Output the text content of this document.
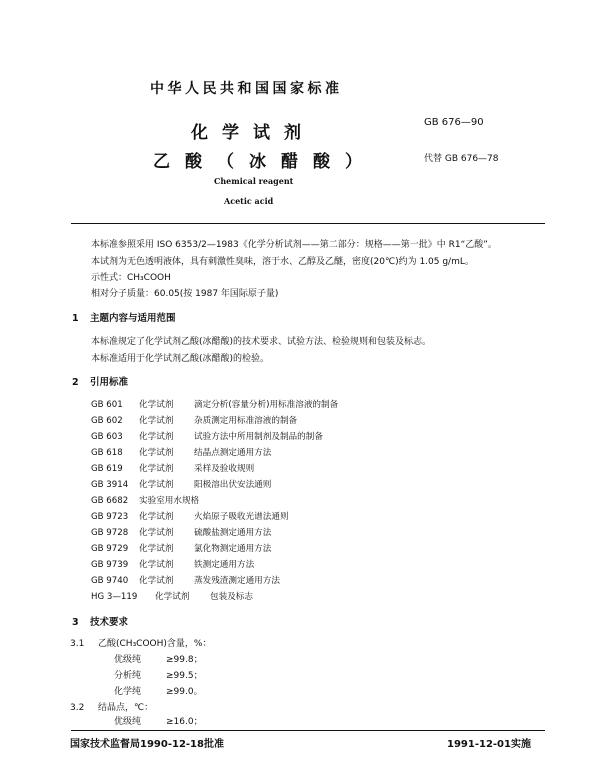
中华人民共和国国家标准
GB 676—90
化学试剂
乙酸（冰醋酸）	代替 GB 676—78
Chemical reagent
Acetic acid
本标准参照采用 ISO 6353/2—1983《化学分析试剂——第二部分：规格——第一批》中 R1“乙酸”。
本试剂为无色透明液体，具有刺激性臭味，溶于水、乙醇及乙醚，密度(20℃)约为 1.05 g/mL。
示性式：CH₃COOH
相对分子质量：60.05(按 1987 年国际原子量)
1 主题内容与适用范围
本标准规定了化学试剂乙酸(冰醋酸)的技术要求、试验方法、检验规则和包装及标志。
本标准适用于化学试剂乙酸(冰醋酸)的检验。
2 引用标准
GB 601 化学试剂 滴定分析(容量分析)用标准溶液的制备
GB 602 化学试剂 杂质测定用标准溶液的制备
GB 603 化学试剂 试验方法中所用制剂及制品的制备
GB 618 化学试剂 结晶点测定通用方法
GB 619 化学试剂 采样及验收规则
GB 3914 化学试剂 阳极溶出伏安法通则
GB 6682 实验室用水规格
GB 9723 化学试剂 火焰原子吸收光谱法通则
GB 9728 化学试剂 硫酸盐测定通用方法
GB 9729 化学试剂 氯化物测定通用方法
GB 9739 化学试剂 铁测定通用方法
GB 9740 化学试剂 蒸发残渣测定通用方法
HG 3—119 化学试剂 包装及标志
3 技术要求
3.1 乙酸(CH₃COOH)含量，%：
优级纯	≥99.8；
分析纯	≥99.5；
化学纯	≥99.0。
3.2 结晶点，℃：
优级纯	≥16.0；
国家技术监督局1990-12-18批准	1991-12-01实施
